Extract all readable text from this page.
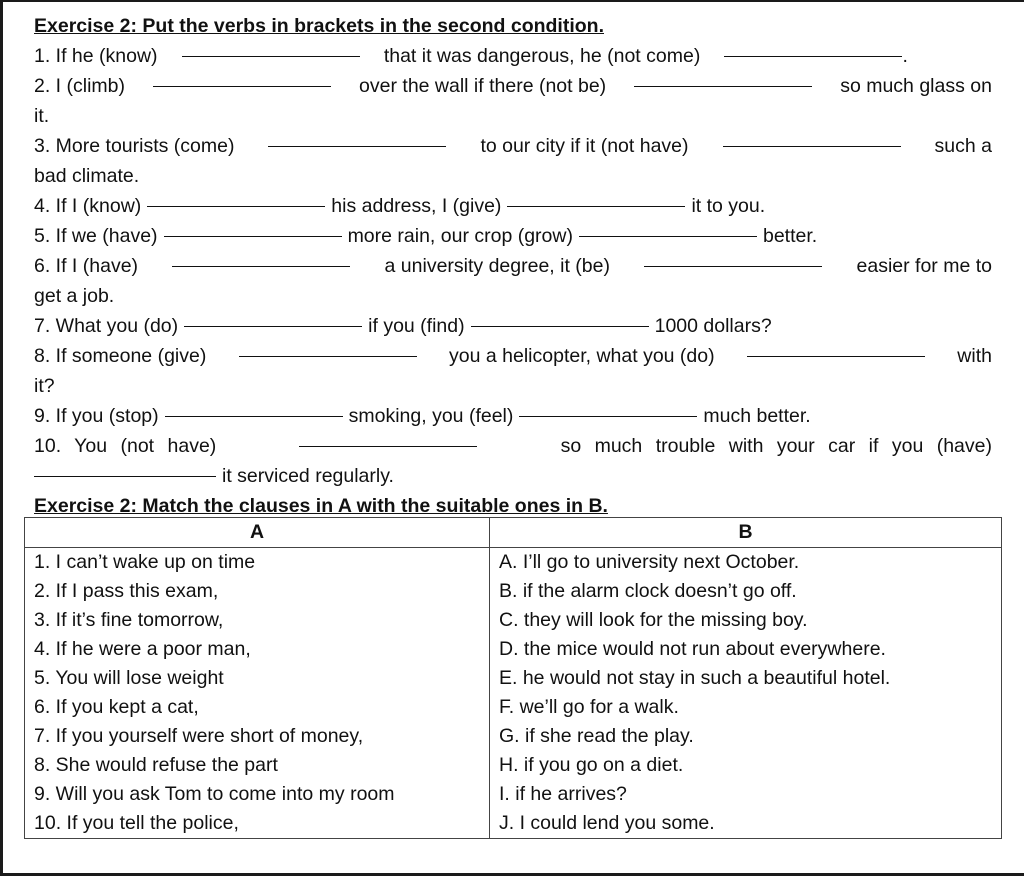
Exercise 2: Put the verbs in brackets in the second condition.
1. If he (know)	that it was dangerous, he (not come)	.
2. I (climb)	over the wall if there (not be)	so much glass on
it.
3. More tourists (come)	to our city if it (not have)	such a
bad climate.
4. If I (know)	his address, I (give)	it to you.
5. If we (have)	more rain, our crop (grow)	better.
6. If I (have)	a university degree, it (be)	easier for me to
get a job.
7. What you (do)	if you (find)	1000 dollars?
8. If someone (give)	you a helicopter, what you (do)	with
it?
9. If you (stop)	smoking, you (feel)	much better.
10. You (not have)	so much trouble with your car if you (have)
it serviced regularly.
Exercise 2: Match the clauses in A with the suitable ones in B.
A	B
1. I can’t wake up on time	A. I’ll go to university next October.
2. If I pass this exam,	B. if the alarm clock doesn’t go off.
3. If it’s fine tomorrow,	C. they will look for the missing boy.
4. If he were a poor man,	D. the mice would not run about everywhere.
5. You will lose weight	E. he would not stay in such a beautiful hotel.
6. If you kept a cat,	F. we’ll go for a walk.
7. If you yourself were short of money,	G. if she read the play.
8. She would refuse the part	H. if you go on a diet.
9. Will you ask Tom to come into my room	I. if he arrives?
10. If you tell the police,	J. I could lend you some.
